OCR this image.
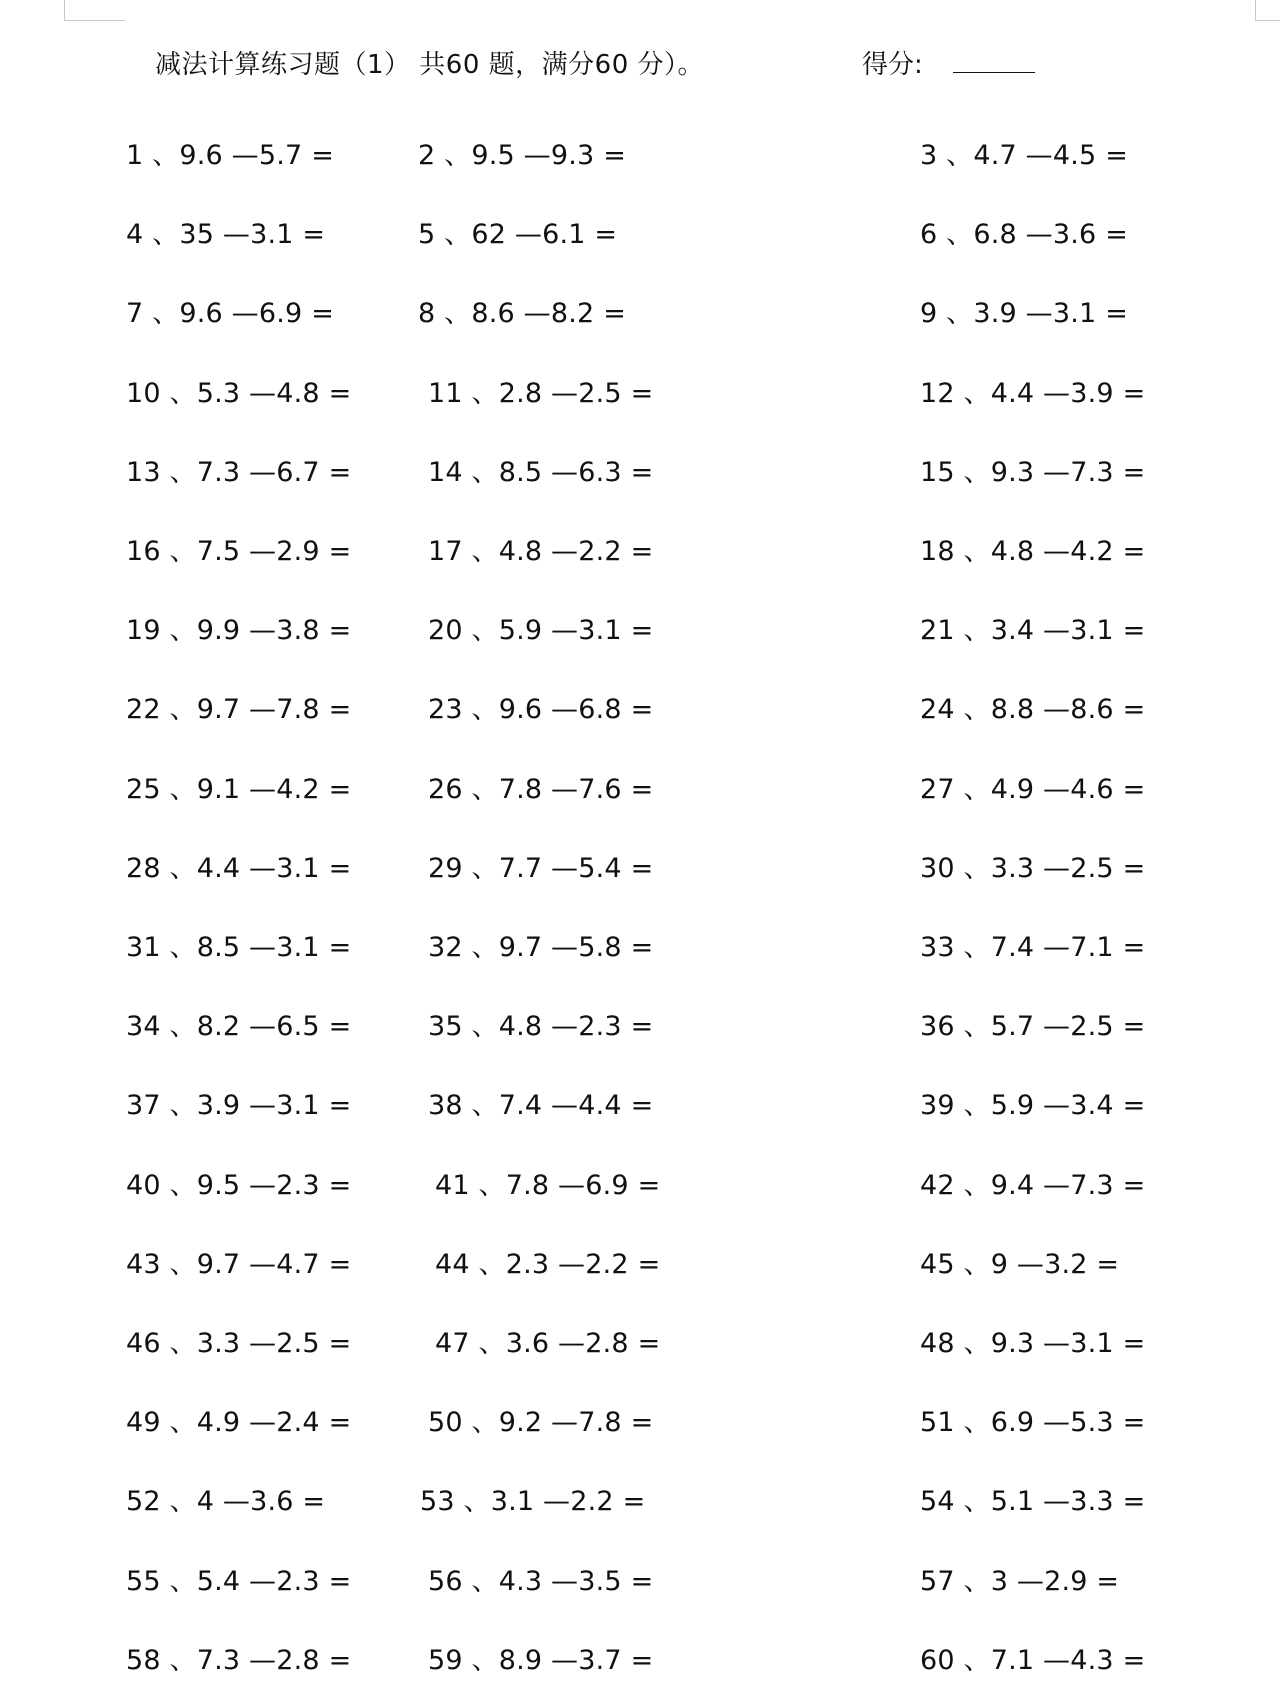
减法计算练习题（1） 共60 题，满分60 分）。	得分:
1 、9.6 —5.7 =	2 、9.5 —9.3 =	3 、4.7 —4.5 =
4 、35 —3.1 =	5 、62 —6.1 =	6 、6.8 —3.6 =
7 、9.6 —6.9 =	8 、8.6 —8.2 =	9 、3.9 —3.1 =
10 、5.3 —4.8 =	11 、2.8 —2.5 =	12 、4.4 —3.9 =
13 、7.3 —6.7 =	14 、8.5 —6.3 =	15 、9.3 —7.3 =
16 、7.5 —2.9 =	17 、4.8 —2.2 =	18 、4.8 —4.2 =
19 、9.9 —3.8 =	20 、5.9 —3.1 =	21 、3.4 —3.1 =
22 、9.7 —7.8 =	23 、9.6 —6.8 =	24 、8.8 —8.6 =
25 、9.1 —4.2 =	26 、7.8 —7.6 =	27 、4.9 —4.6 =
28 、4.4 —3.1 =	29 、7.7 —5.4 =	30 、3.3 —2.5 =
31 、8.5 —3.1 =	32 、9.7 —5.8 =	33 、7.4 —7.1 =
34 、8.2 —6.5 =	35 、4.8 —2.3 =	36 、5.7 —2.5 =
37 、3.9 —3.1 =	38 、7.4 —4.4 =	39 、5.9 —3.4 =
40 、9.5 —2.3 =	41 、7.8 —6.9 =	42 、9.4 —7.3 =
43 、9.7 —4.7 =	44 、2.3 —2.2 =	45 、9 —3.2 =
46 、3.3 —2.5 =	47 、3.6 —2.8 =	48 、9.3 —3.1 =
49 、4.9 —2.4 =	50 、9.2 —7.8 =	51 、6.9 —5.3 =
52 、4 —3.6 =	53 、3.1 —2.2 =	54 、5.1 —3.3 =
55 、5.4 —2.3 =	56 、4.3 —3.5 =	57 、3 —2.9 =
58 、7.3 —2.8 =	59 、8.9 —3.7 =	60 、7.1 —4.3 =
